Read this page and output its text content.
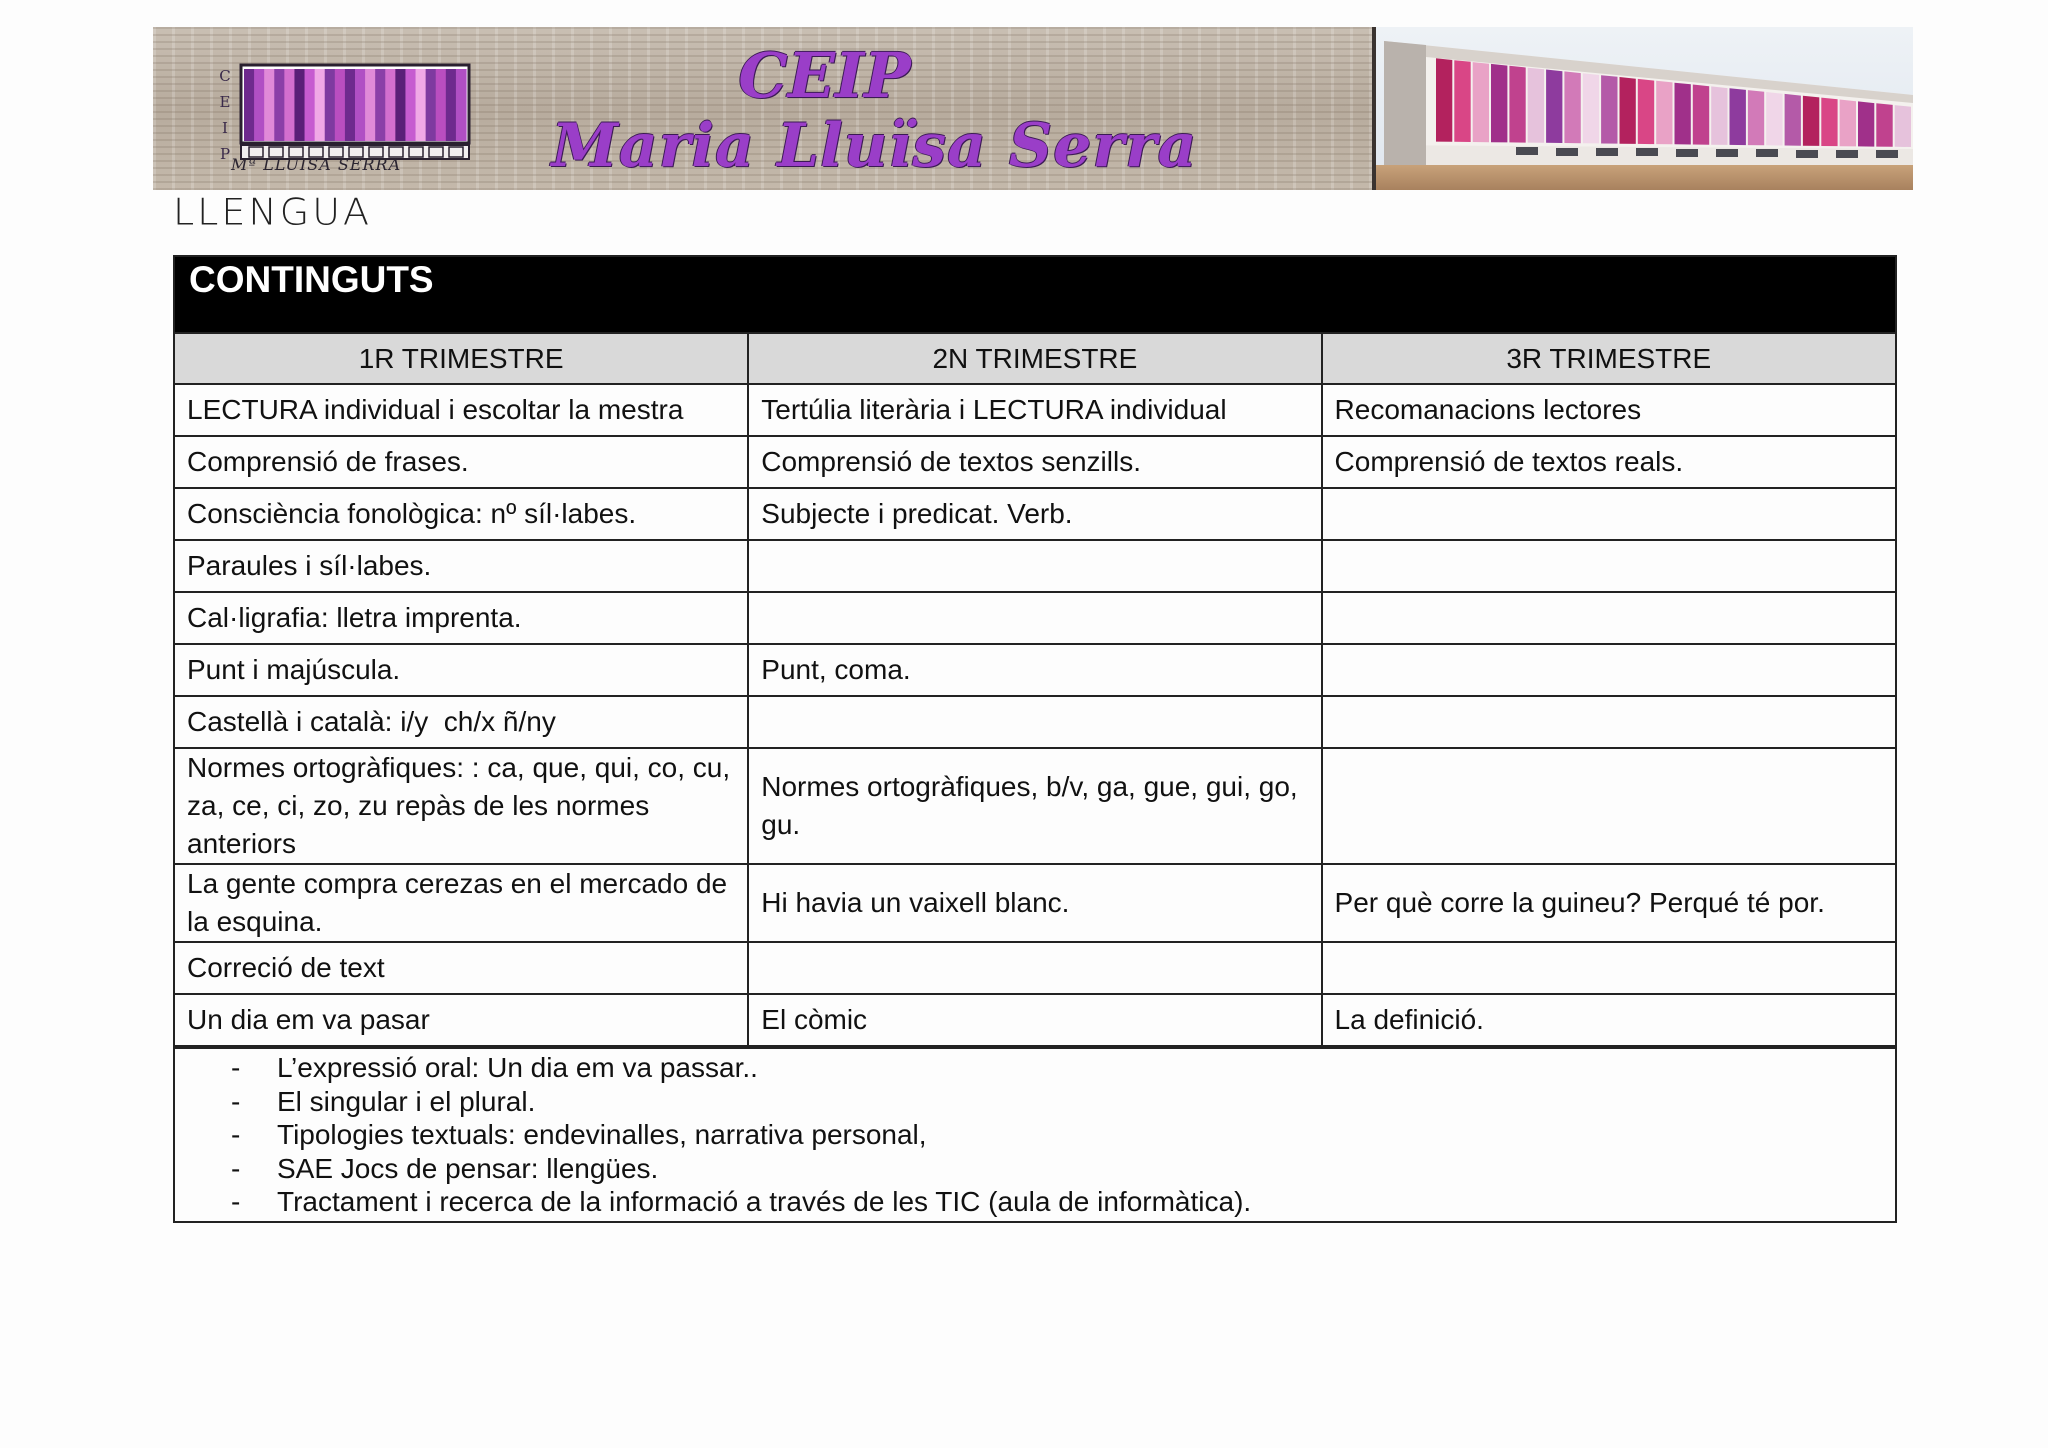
C
E
I
P
Mª LLUISA SERRA
CEIP
Maria Lluïsa Serra
LLENGUA
CONTINGUTS
1R TRIMESTRE	2N TRIMESTRE	3R TRIMESTRE
LECTURA individual i escoltar la mestra	Tertúlia literària i LECTURA individual	Recomanacions lectores
Comprensió de frases.	Comprensió de textos senzills.	Comprensió de textos reals.
Consciència fonològica: nº síl·labes.	Subjecte i predicat. Verb.	
Paraules i síl·labes.		
Cal·ligrafia: lletra imprenta.		
Punt i majúscula.	Punt, coma.	
Castellà i català: i/y  ch/x ñ/ny		
Normes ortogràfiques: : ca, que, qui, co, cu, za, ce, ci, zo, zu repàs de les normes anteriors	Normes ortogràfiques, b/v, ga, gue, gui, go, gu.	
La gente compra cerezas en el mercado de la esquina.	Hi havia un vaixell blanc.	Per què corre la guineu? Perqué té por.
Correció de text		
Un dia em va pasar	El còmic	La definició.
- L’expressió oral: Un dia em va passar..
- El singular i el plural.
- Tipologies textuals: endevinalles, narrativa personal,
- SAE Jocs de pensar: llengües.
- Tractament i recerca de la informació a través de les TIC (aula de informàtica).
